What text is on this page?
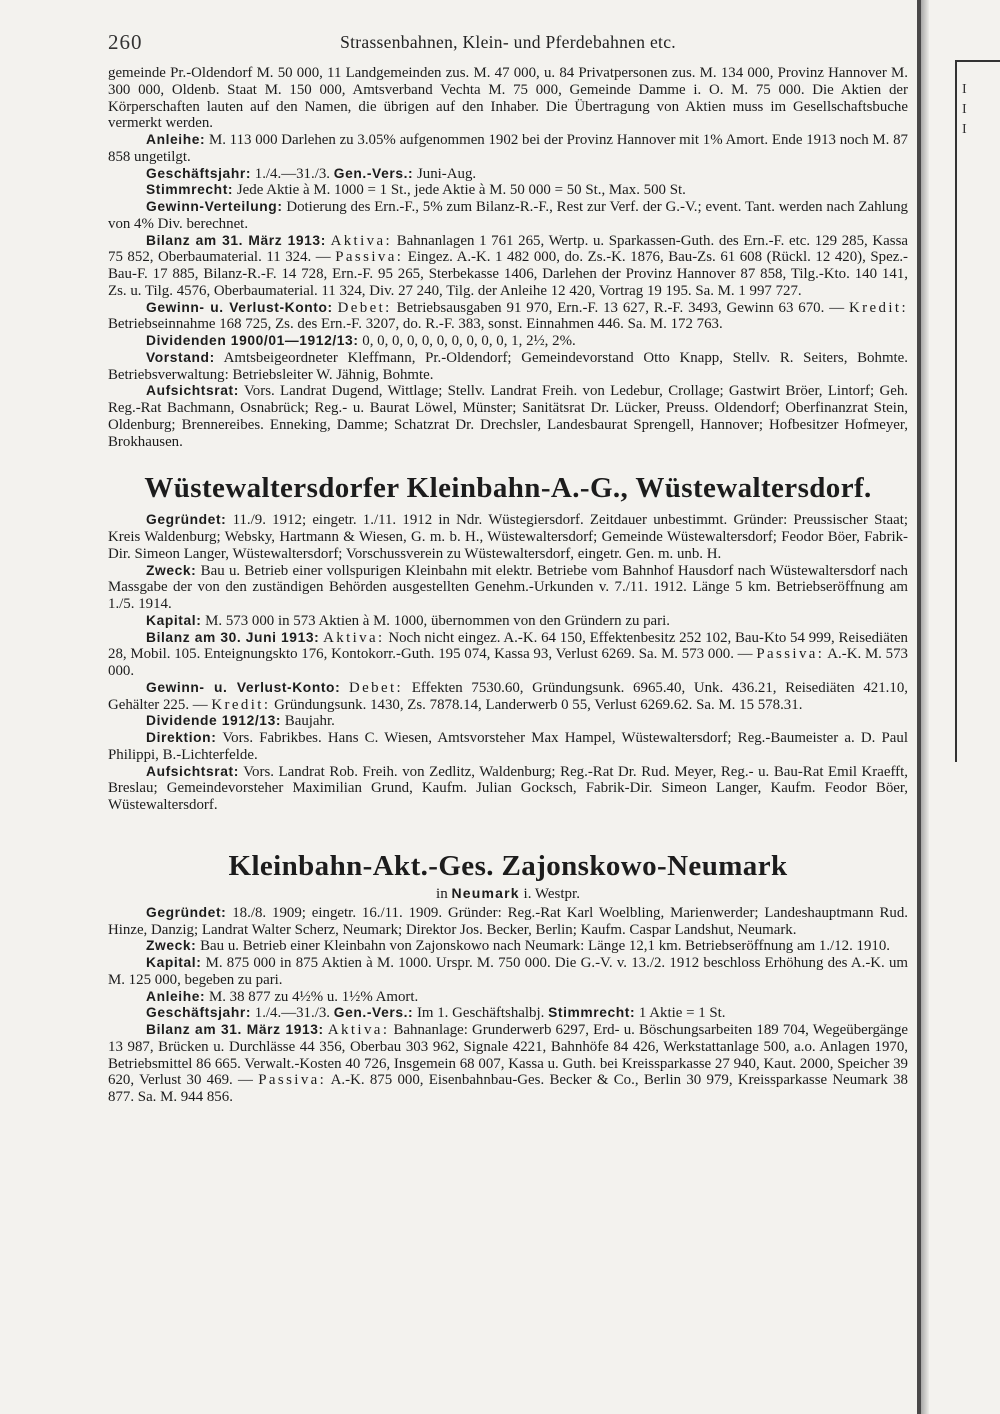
260	Strassenbahnen, Klein- und Pferdebahnen etc.

gemeinde Pr.-Oldendorf M. 50 000, 11 Landgemeinden zus. M. 47 000, u. 84 Privatpersonen zus. M. 134 000, Provinz Hannover M. 300 000, Oldenb. Staat M. 150 000, Amtsverband Vechta M. 75 000, Gemeinde Damme i. O. M. 75 000. Die Aktien der Körperschaften lauten auf den Namen, die übrigen auf den Inhaber. Die Übertragung von Aktien muss im Gesellschaftsbuche vermerkt werden.

Anleihe: M. 113 000 Darlehen zu 3.05% aufgenommen 1902 bei der Provinz Hannover mit 1% Amort. Ende 1913 noch M. 87 858 ungetilgt.

Geschäftsjahr: 1./4.—31./3. Gen.-Vers.: Juni-Aug.

Stimmrecht: Jede Aktie à M. 1000 = 1 St., jede Aktie à M. 50 000 = 50 St., Max. 500 St.

Gewinn-Verteilung: Dotierung des Ern.-F., 5% zum Bilanz-R.-F., Rest zur Verf. der G.-V.; event. Tant. werden nach Zahlung von 4% Div. berechnet.

Bilanz am 31. März 1913: Aktiva: Bahnanlagen 1 761 265, Wertp. u. Sparkassen-Guth. des Ern.-F. etc. 129 285, Kassa 75 852, Oberbaumaterial. 11 324. — Passiva: Eingez. A.-K. 1 482 000, do. Zs.-K. 1876, Bau-Zs. 61 608 (Rückl. 12 420), Spez.-Bau-F. 17 885, Bilanz-R.-F. 14 728, Ern.-F. 95 265, Sterbekasse 1406, Darlehen der Provinz Hannover 87 858, Tilg.-Kto. 140 141, Zs. u. Tilg. 4576, Oberbaumaterial. 11 324, Div. 27 240, Tilg. der Anleihe 12 420, Vortrag 19 195. Sa. M. 1 997 727.

Gewinn- u. Verlust-Konto: Debet: Betriebsausgaben 91 970, Ern.-F. 13 627, R.-F. 3493, Gewinn 63 670. — Kredit: Betriebseinnahme 168 725, Zs. des Ern.-F. 3207, do. R.-F. 383, sonst. Einnahmen 446. Sa. M. 172 763.

Dividenden 1900/01—1912/13: 0, 0, 0, 0, 0, 0, 0, 0, 0, 0, 1, 2½, 2%.

Vorstand: Amtsbeigeordneter Kleffmann, Pr.-Oldendorf; Gemeindevorstand Otto Knapp, Stellv. R. Seiters, Bohmte. Betriebsverwaltung: Betriebsleiter W. Jähnig, Bohmte.

Aufsichtsrat: Vors. Landrat Dugend, Wittlage; Stellv. Landrat Freih. von Ledebur, Crollage; Gastwirt Bröer, Lintorf; Geh. Reg.-Rat Bachmann, Osnabrück; Reg.- u. Baurat Löwel, Münster; Sanitätsrat Dr. Lücker, Preuss. Oldendorf; Oberfinanzrat Stein, Oldenburg; Brennereibes. Enneking, Damme; Schatzrat Dr. Drechsler, Landesbaurat Sprengell, Hannover; Hofbesitzer Hofmeyer, Brokhausen.

Wüstewaltersdorfer Kleinbahn-A.-G., Wüstewaltersdorf.

Gegründet: 11./9. 1912; eingetr. 1./11. 1912 in Ndr. Wüstegiersdorf. Zeitdauer unbestimmt. Gründer: Preussischer Staat; Kreis Waldenburg; Websky, Hartmann & Wiesen, G. m. b. H., Wüstewaltersdorf; Gemeinde Wüstewaltersdorf; Feodor Böer, Fabrik-Dir. Simeon Langer, Wüstewaltersdorf; Vorschussverein zu Wüstewaltersdorf, eingetr. Gen. m. unb. H.

Zweck: Bau u. Betrieb einer vollspurigen Kleinbahn mit elektr. Betriebe vom Bahnhof Hausdorf nach Wüstewaltersdorf nach Massgabe der von den zuständigen Behörden ausgestellten Genehm.-Urkunden v. 7./11. 1912. Länge 5 km. Betriebseröffnung am 1./5. 1914.

Kapital: M. 573 000 in 573 Aktien à M. 1000, übernommen von den Gründern zu pari.

Bilanz am 30. Juni 1913: Aktiva: Noch nicht eingez. A.-K. 64 150, Effektenbesitz 252 102, Bau-Kto 54 999, Reisediäten 28, Mobil. 105. Enteignungskto 176, Kontokorr.-Guth. 195 074, Kassa 93, Verlust 6269. Sa. M. 573 000. — Passiva: A.-K. M. 573 000.

Gewinn- u. Verlust-Konto: Debet: Effekten 7530.60, Gründungsunk. 6965.40, Unk. 436.21, Reisediäten 421.10, Gehälter 225. — Kredit: Gründungsunk. 1430, Zs. 7878.14, Landerwerb 0 55, Verlust 6269.62. Sa. M. 15 578.31.

Dividende 1912/13: Baujahr.

Direktion: Vors. Fabrikbes. Hans C. Wiesen, Amtsvorsteher Max Hampel, Wüstewaltersdorf; Reg.-Baumeister a. D. Paul Philippi, B.-Lichterfelde.

Aufsichtsrat: Vors. Landrat Rob. Freih. von Zedlitz, Waldenburg; Reg.-Rat Dr. Rud. Meyer, Reg.- u. Bau-Rat Emil Kraefft, Breslau; Gemeindevorsteher Maximilian Grund, Kaufm. Julian Gocksch, Fabrik-Dir. Simeon Langer, Kaufm. Feodor Böer, Wüstewaltersdorf.

Kleinbahn-Akt.-Ges. Zajonskowo-Neumark

in Neumark i. Westpr.

Gegründet: 18./8. 1909; eingetr. 16./11. 1909. Gründer: Reg.-Rat Karl Woelbling, Marienwerder; Landeshauptmann Rud. Hinze, Danzig; Landrat Walter Scherz, Neumark; Direktor Jos. Becker, Berlin; Kaufm. Caspar Landshut, Neumark.

Zweck: Bau u. Betrieb einer Kleinbahn von Zajonskowo nach Neumark: Länge 12,1 km. Betriebseröffnung am 1./12. 1910.

Kapital: M. 875 000 in 875 Aktien à M. 1000. Urspr. M. 750 000. Die G.-V. v. 13./2. 1912 beschloss Erhöhung des A.-K. um M. 125 000, begeben zu pari.

Anleihe: M. 38 877 zu 4½% u. 1½% Amort.

Geschäftsjahr: 1./4.—31./3. Gen.-Vers.: Im 1. Geschäftshalbj. Stimmrecht: 1 Aktie = 1 St.

Bilanz am 31. März 1913: Aktiva: Bahnanlage: Grunderwerb 6297, Erd- u. Böschungsarbeiten 189 704, Wegeübergänge 13 987, Brücken u. Durchlässe 44 356, Oberbau 303 962, Signale 4221, Bahnhöfe 84 426, Werkstattanlage 500, a.o. Anlagen 1970, Betriebsmittel 86 665. Verwalt.-Kosten 40 726, Insgemein 68 007, Kassa u. Guth. bei Kreissparkasse 27 940, Kaut. 2000, Speicher 39 620, Verlust 30 469. — Passiva: A.-K. 875 000, Eisenbahnbau-Ges. Becker & Co., Berlin 30 979, Kreissparkasse Neumark 38 877. Sa. M. 944 856.

I
I
I
